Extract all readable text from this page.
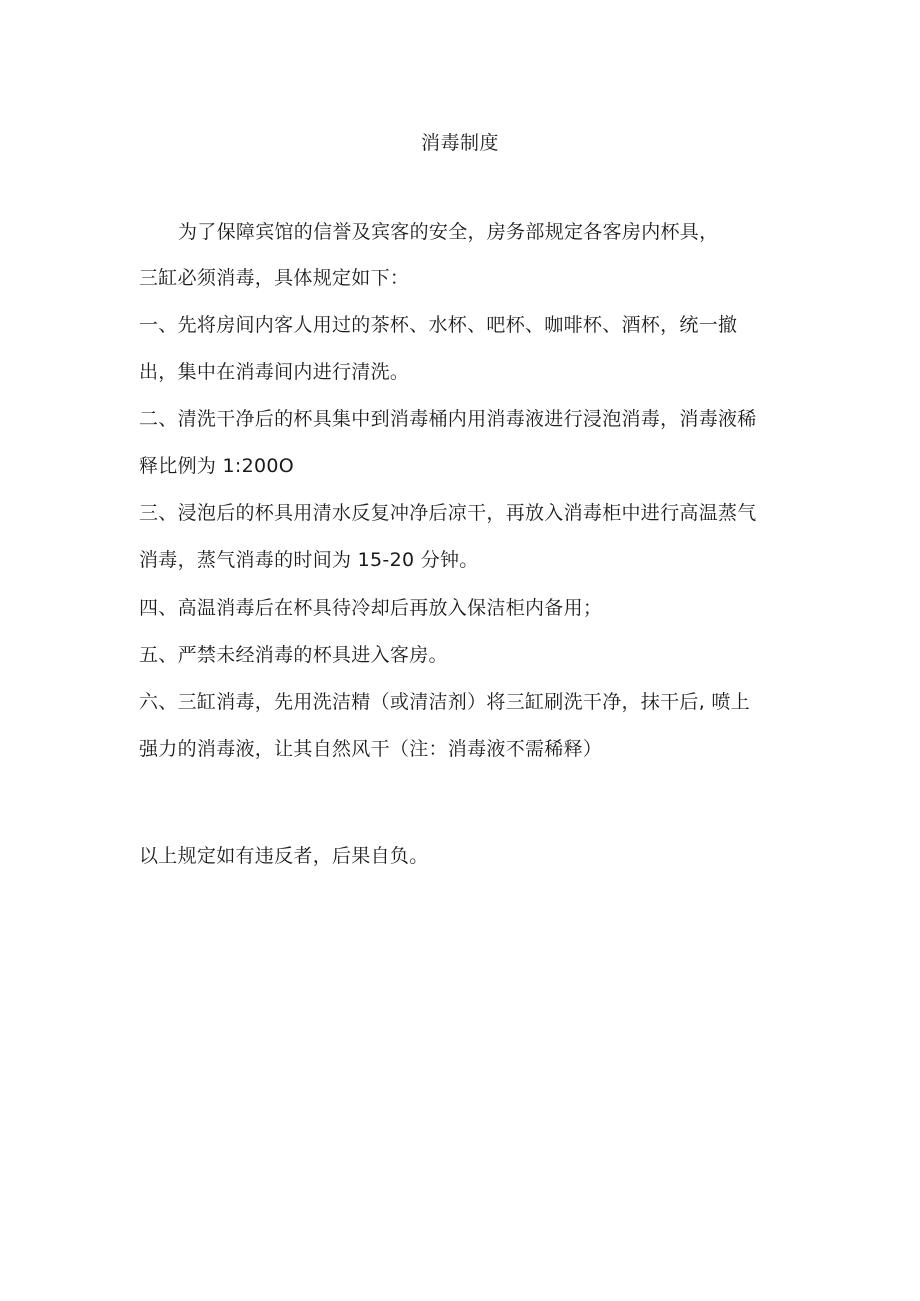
消毒制度
为了保障宾馆的信誉及宾客的安全，房务部规定各客房内杯具，
三缸必须消毒，具体规定如下：
一、先将房间内客人用过的茶杯、水杯、吧杯、咖啡杯、酒杯，统一撤
出，集中在消毒间内进行清洗。
二、清洗干净后的杯具集中到消毒桶内用消毒液进行浸泡消毒，消毒液稀
释比例为 1:200O
三、浸泡后的杯具用清水反复冲净后凉干，再放入消毒柜中进行高温蒸气
消毒，蒸气消毒的时间为 15-20 分钟。
四、高温消毒后在杯具待冷却后再放入保洁柜内备用；
五、严禁未经消毒的杯具进入客房。
六、三缸消毒，先用洗洁精（或清洁剂）将三缸刷洗干净，抹干后, 喷上
强力的消毒液，让其自然风干（注：消毒液不需稀释）
以上规定如有违反者，后果自负。
